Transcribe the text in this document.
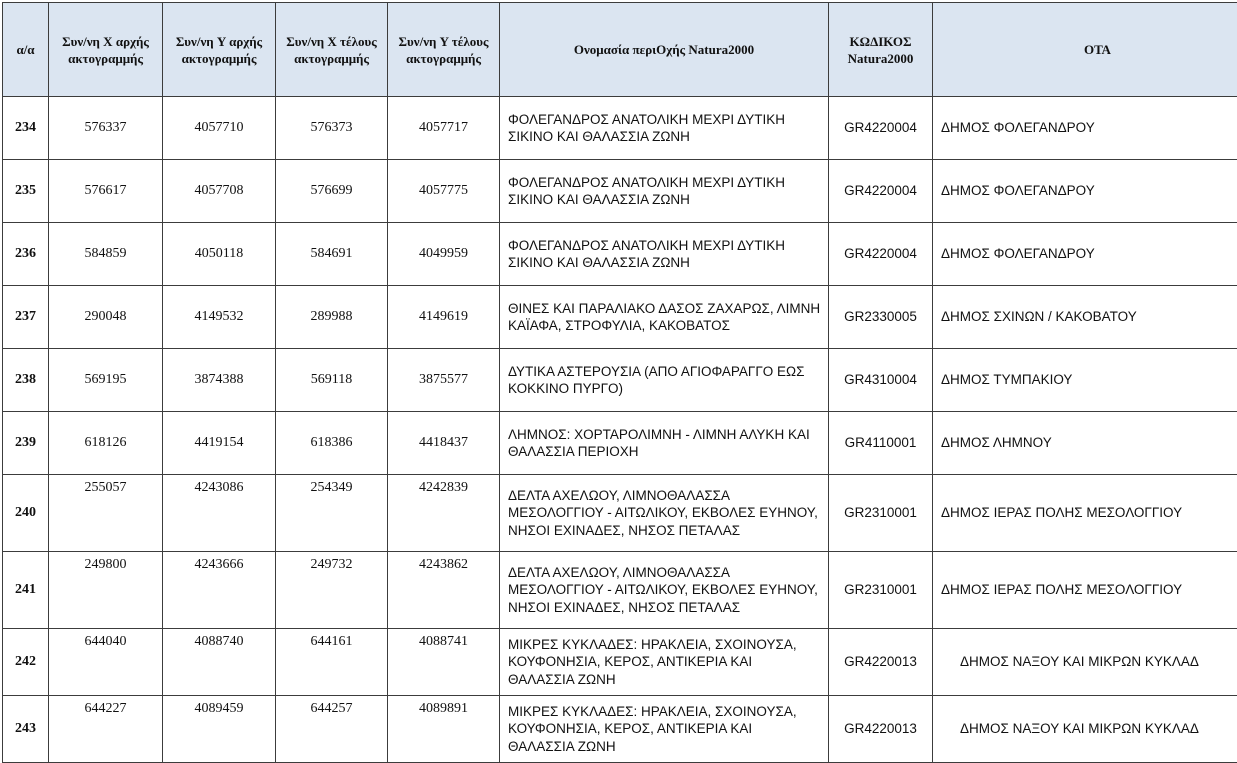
α/α	Συν/νη X αρχής ακτογραμμής	Συν/νη Y αρχής ακτογραμμής	Συν/νη X τέλους ακτογραμμής	Συν/νη Y τέλους ακτογραμμής	Ονομασία περιOχής Natura2000	ΚΩΔΙΚΟΣ Natura2000	ΟΤΑ
234	576337	4057710	576373	4057717	ΦΟΛΕΓΑΝΔΡΟΣ ΑΝΑΤΟΛΙΚΗ ΜΕΧΡΙ ΔΥΤΙΚΗ ΣΙΚΙΝΟ ΚΑΙ ΘΑΛΑΣΣΙΑ ΖΩΝΗ	GR4220004	ΔΗΜΟΣ ΦΟΛΕΓΑΝΔΡΟΥ
235	576617	4057708	576699	4057775	ΦΟΛΕΓΑΝΔΡΟΣ ΑΝΑΤΟΛΙΚΗ ΜΕΧΡΙ ΔΥΤΙΚΗ ΣΙΚΙΝΟ ΚΑΙ ΘΑΛΑΣΣΙΑ ΖΩΝΗ	GR4220004	ΔΗΜΟΣ ΦΟΛΕΓΑΝΔΡΟΥ
236	584859	4050118	584691	4049959	ΦΟΛΕΓΑΝΔΡΟΣ ΑΝΑΤΟΛΙΚΗ ΜΕΧΡΙ ΔΥΤΙΚΗ ΣΙΚΙΝΟ ΚΑΙ ΘΑΛΑΣΣΙΑ ΖΩΝΗ	GR4220004	ΔΗΜΟΣ ΦΟΛΕΓΑΝΔΡΟΥ
237	290048	4149532	289988	4149619	ΘΙΝΕΣ ΚΑΙ ΠΑΡΑΛΙΑΚΟ ΔΑΣΟΣ ΖΑΧΑΡΩΣ, ΛΙΜΝΗ ΚΑΪΑΦΑ, ΣΤΡΟΦΥΛΙΑ, ΚΑΚΟΒΑΤΟΣ	GR2330005	ΔΗΜΟΣ ΣΧΙΝΩΝ / ΚΑΚΟΒΑΤΟΥ
238	569195	3874388	569118	3875577	ΔΥΤΙΚΑ ΑΣΤΕΡΟΥΣΙΑ (ΑΠΟ ΑΓΙΟΦΑΡΑΓΓΟ ΕΩΣ ΚΟΚΚΙΝΟ ΠΥΡΓΟ)	GR4310004	ΔΗΜΟΣ ΤΥΜΠΑΚΙΟΥ
239	618126	4419154	618386	4418437	ΛΗΜΝΟΣ: ΧΟΡΤΑΡΟΛΙΜΝΗ - ΛΙΜΝΗ ΑΛΥΚΗ ΚΑΙ ΘΑΛΑΣΣΙΑ ΠΕΡΙΟΧΗ	GR4110001	ΔΗΜΟΣ ΛΗΜΝΟΥ
240	255057	4243086	254349	4242839	ΔΕΛΤΑ ΑΧΕΛΩΟΥ, ΛΙΜΝΟΘΑΛΑΣΣΑ ΜΕΣΟΛΟΓΓΙΟΥ - ΑΙΤΩΛΙΚΟΥ, ΕΚΒΟΛΕΣ ΕΥΗΝΟΥ, ΝΗΣΟΙ ΕΧΙΝΑΔΕΣ, ΝΗΣΟΣ ΠΕΤΑΛΑΣ	GR2310001	ΔΗΜΟΣ ΙΕΡΑΣ ΠΟΛΗΣ ΜΕΣΟΛΟΓΓΙΟΥ
241	249800	4243666	249732	4243862	ΔΕΛΤΑ ΑΧΕΛΩΟΥ, ΛΙΜΝΟΘΑΛΑΣΣΑ ΜΕΣΟΛΟΓΓΙΟΥ - ΑΙΤΩΛΙΚΟΥ, ΕΚΒΟΛΕΣ ΕΥΗΝΟΥ, ΝΗΣΟΙ ΕΧΙΝΑΔΕΣ, ΝΗΣΟΣ ΠΕΤΑΛΑΣ	GR2310001	ΔΗΜΟΣ ΙΕΡΑΣ ΠΟΛΗΣ ΜΕΣΟΛΟΓΓΙΟΥ
242	644040	4088740	644161	4088741	ΜΙΚΡΕΣ ΚΥΚΛΑΔΕΣ: ΗΡΑΚΛΕΙΑ, ΣΧΟΙΝΟΥΣΑ, ΚΟΥΦΟΝΗΣΙΑ, ΚΕΡΟΣ, ΑΝΤΙΚΕΡΙΑ ΚΑΙ ΘΑΛΑΣΣΙΑ ΖΩΝΗ	GR4220013	ΔΗΜΟΣ ΝΑΞΟΥ ΚΑΙ ΜΙΚΡΩΝ ΚΥΚΛΑΔ
243	644227	4089459	644257	4089891	ΜΙΚΡΕΣ ΚΥΚΛΑΔΕΣ: ΗΡΑΚΛΕΙΑ, ΣΧΟΙΝΟΥΣΑ, ΚΟΥΦΟΝΗΣΙΑ, ΚΕΡΟΣ, ΑΝΤΙΚΕΡΙΑ ΚΑΙ ΘΑΛΑΣΣΙΑ ΖΩΝΗ	GR4220013	ΔΗΜΟΣ ΝΑΞΟΥ ΚΑΙ ΜΙΚΡΩΝ ΚΥΚΛΑΔ
